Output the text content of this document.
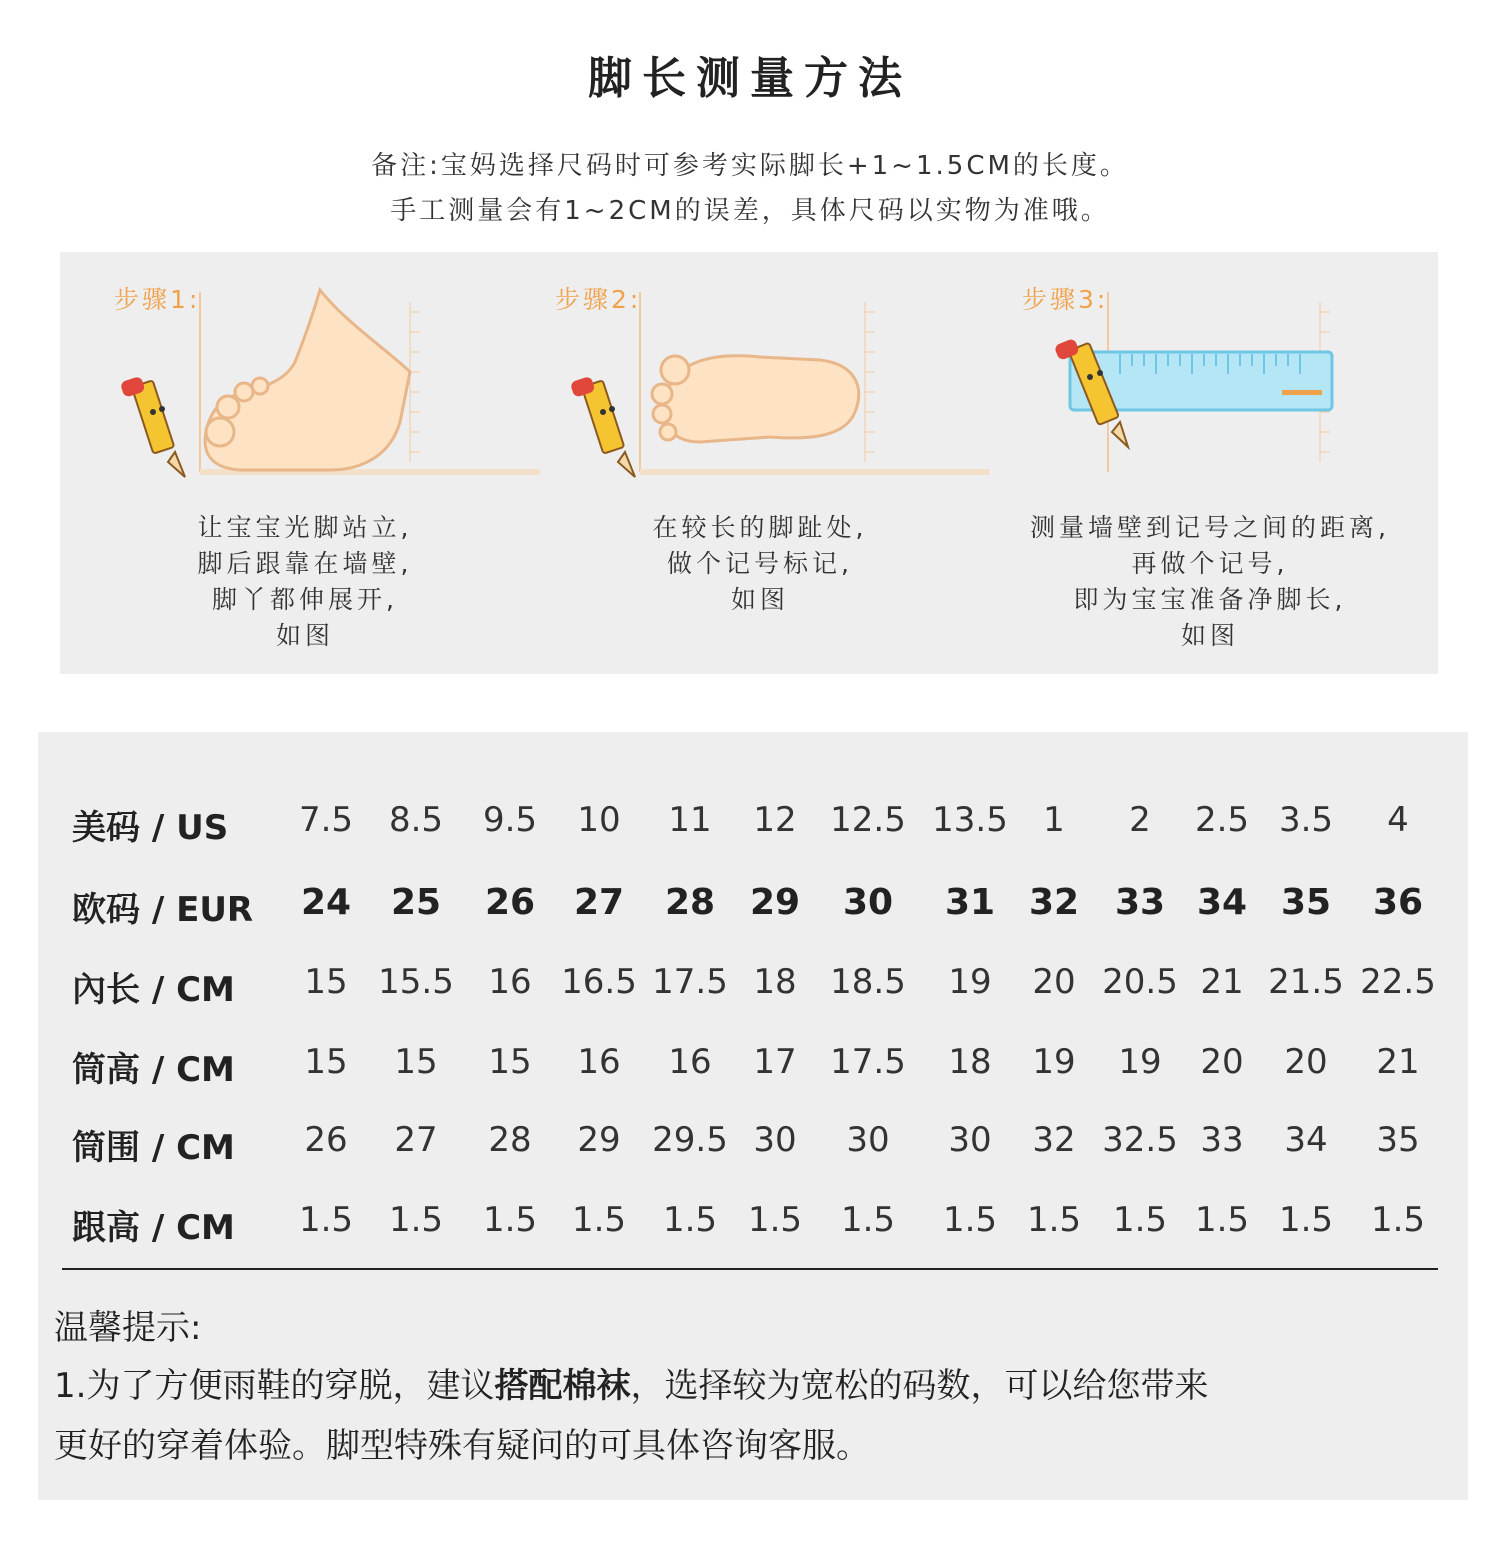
脚长测量方法
备注:宝妈选择尺码时可参考实际脚长+1~1.5CM的长度。
手工测量会有1~2CM的误差，具体尺码以实物为准哦。
步骤1:
让宝宝光脚站立,
脚后跟靠在墙壁,
脚丫都伸展开,
如图
步骤2:
在较长的脚趾处,
做个记号标记,
如图
步骤3:
测量墙壁到记号之间的距离,
再做个记号,
即为宝宝准备净脚长,
如图
美码 / US 7.5 8.5 9.5 10 11 12 12.5 13.5 1 2 2.5 3.5 4
欧码 / EUR 24 25 26 27 28 29 30 31 32 33 34 35 36
內长 / CM 15 15.5 16 16.5 17.5 18 18.5 19 20 20.5 21 21.5 22.5
筒高 / CM 15 15 15 16 16 17 17.5 18 19 19 20 20 21
筒围 / CM 26 27 28 29 29.5 30 30 30 32 32.5 33 34 35
跟高 / CM 1.5 1.5 1.5 1.5 1.5 1.5 1.5 1.5 1.5 1.5 1.5 1.5 1.5
温馨提示:
1.为了方便雨鞋的穿脱，建议搭配棉袜，选择较为宽松的码数，可以给您带来
更好的穿着体验。脚型特殊有疑问的可具体咨询客服。
